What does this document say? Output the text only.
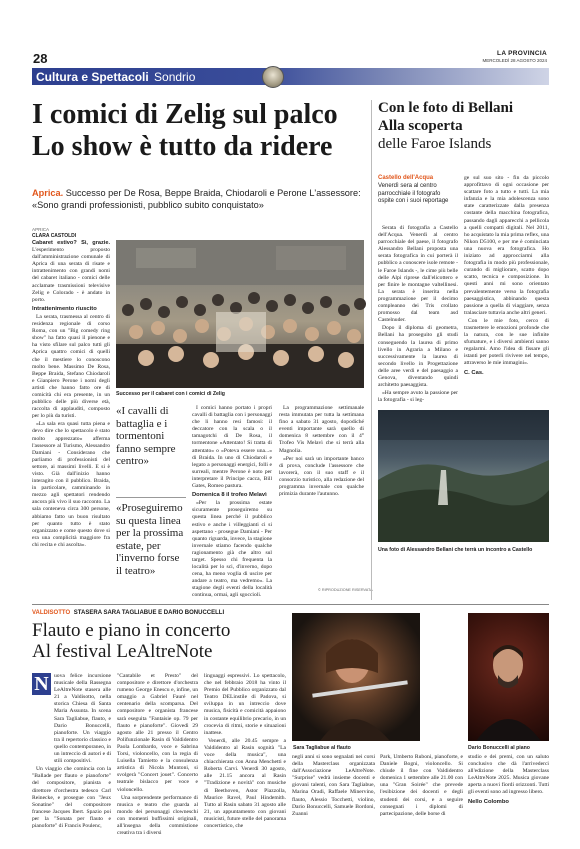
28	LA PROVINCIA
MERCOLEDÌ 28 AGOSTO 2024
Cultura e Spettacoli Sondrio
I comici di Zelig sul palco
Lo show è tutto da ridere
Aprica. Successo per De Rosa, Beppe Braida, Chiodaroli e Perone L'assessore: «Sono grandi professionisti, pubblico subito conquistato»
APRICA
CLARA CASTOLDI

Cabaret estivo? Sì, grazie. L'esperimento proposto dall'amministrazione comunale di Aprica di una serata di risate e intrattenimento con grandi nomi del cabaret italiano - comici delle acclamate trasmissioni televisive Zelig e Colorado - è andato in porto.

Intrattenimento riuscito

La serata, trasmessa al centro di residenza regionale di corso Roma, con un "Big comedy ring show" ha fatto quasi il pienone e ha visto sfilare sul palco tutti gli Aprica quattro comici di quelli che il mestiere lo conoscono molto bene. Massimo De Rosa, Beppe Braida, Stefano Chiodaroli e Gianpiero Perone i nomi degli artisti che hanno fatto ore di comicità chi era presente, in un pubblico delle più diverse età, raccolta di applauditi, composto per lo più da turisti.

«La sala era quasi tutta piena e devo dire che lo spettacolo è stato molto apprezzato» afferma l'assessore al Turismo, Alessandro Damiani - Considerano che parliamo di professionisti del settore, ai massimi livelli. E si è visto. Già dall'inizio hanno interagito con il pubblico. Braida, in particolare, camminando in mezzo agli spettatori rendendo ancora più vivo il suo racconto. La sala conteneva circa 300 persone, abbiamo fatto un buon risultato per quanto tutto è stato organizzato e come questo dove si era una complicità maggiore fra chi recita e chi ascolta».

Successo per il cabaret con i comici di Zelig
«I cavalli di battaglia e i tormentoni fanno sempre centro»
«Proseguiremo su questa linea per la prossima estate, per l'inverno forse il teatro»

I comici hanno portato i propri cavalli di battaglia con i personaggi che li hanno resi famosi: il deccatore con la scala o il tamagotchi di De Rosa, il tormentone «Attentato! Si tratta di attentato» o «Poteva essere una...» di Braida. In uno di Chiodaroli e legato a personaggi energici, folli e surreali, mentre Perone è noto per interpretare il Principe cacca, Bill Gates, Romeo pastura.

Domenica 8 il trofeo Melavì

«Per la prossima estate sicuramente proseguiremo su questa linea perché il pubblico estivo e anche i villeggianti ci si aspettano - prosegue Damiani - Per quanto riguarda, invece, la stagione invernale stiamo facendo qualche ragionamento già che altro sul target. Spesso chi frequenta la località per lo sci, d'inverno, dopo cena, ha meno voglia di uscire per andare a teatro, ma vedremo». La stagione degli eventi della località continua, ormai, agli sgoccioli.

La programmazione settimanale resta immutata per tutta la settimana fino a sabato 31 agosto, dopodiché eventi importante sarà quello di domenica 8 settembre con il 4° Trofeo Vis Melavì che si terrà alla Magnolia.

«Per noi sarà un importante banco di prova, conclude l'assessore che lavorerà, con il suo staff e il consorzio turistico, alla redazione del programma invernale con qualche primizia durante l'autunno.

© RIPRODUZIONE RISERVATA
Con le foto di Bellani
Alla scoperta
delle Faroe Islands
Castello dell'Acqua
Venerdì sera al centro parrocchiale il fotografo ospite con i suoi reportage

Serata di fotografia a Castello dell'Acqua. Venerdì al centro parrocchiale del paese, il fotografo Alessandro Bellani proposta una serata fotografica in cui porterà il pubblico a conoscere isole remote - le Faroe Islands -, le cime più belle delle Alpi riprese dall'elicottero e per finire le montagne valtellinesi. La serata è inserita nella programmazione per il decimo compleanno dei Tris crollato promosso dal team asd Castelnuder.

Dopo il diploma di geometra, Bellani ha proseguito gli studi conseguendo la laurea di primo livello in Agraria a Milano e successivamente la laurea di secondo livello in Progettazione delle aree verdi e del paesaggio a Genova, diventando quindi architetto paesaggista.

«Ha sempre avuto la passione per la fotografia - si leg-

ge sul suo sito - fin da piccolo approfittavo di ogni occasione per scattare foto a tutto e tutti. La mia infanzia e la mia adolescenza sono state caratterizzate dalla presenza costante della macchina fotografica, passando dagli apparecchi a pellicola a quelli compatti digitali. Nel 2011, ho acquistato la mia prima reflex, una Nikon D5100, e per me è cominciata una nuova era fotografica. Ho iniziato ad approcciarmi alla fotografia in modo più professionale, curando di migliorare, scatto dopo scatto, tecnica e composizione. In questi anni mi sono orientato prevalentemente verso la fotografia paesaggistica, abbinando questa passione a quella di viaggiare, senza tralasciare tuttavia anche altri generi.

Con le mie foto, cerco di trasmettere le emozioni profonde che la natura, con le sue infinite sfumature, e i diversi ambienti sanno regalarmi. Amo l'idea di fissare gli istanti per poterli rivivere nel tempo, attraverso le mie immagini».

C. Cas.

Una foto di Alessandro Bellani che terrà un incontro a Castello
VALDISOTTO STASERA SARA TAGLIABUE E DARIO BONUCCELLI
Flauto e piano in concerto
Al festival LeAltreNote
N uova felice incursione musicale della Rassegna LeAltreNote stasera alle 21 a Valdisotto, nella storica Chiesa di Santa Maria Assunta. In scena Sara Tagliabue, flauto, e Dario Bonuccelli, pianoforte. Un viaggio tra il repertorio classico e quello contemporaneo, in un intreccio di autori e di stili compositivi.

Un viaggio che comincia con la "Ballade per flauto e pianoforte" del compositore, pianista e direttore d'orchestra tedesco Carl Reinecke, e prosegue con "Jeux Sonatine" del compositore francese Jacques Ibert. Spazio poi per la "Sonata per flauto e pianoforte" di Francis Poulenc,

"Cantabile et Presto" del compositore e direttore d'orchestra rumeno George Enescu e, infine, un omaggio a Gabriel Fauré nel centenario della scomparsa. Del compositore e organista francese sarà eseguita "Fantaisie op. 79 per flauto e pianoforte". Giovedì 29 agosto alle 21 presso il Centro Polifunzionale Rasin di Valdidentro Paola Lombardo, voce e Sabrina Torsi, violoncello, con la regia di Luisella Tamietto e la consulenza artistica di Nicola Muntoni, si svolgerà "Concert jouet". Concerto teatrale bislacco per voce e violoncello.

Una sorprendente performance di musica e teatro che guarda al mondo dei personaggi clowneschi con momenti buffissimi originali, all'insegna della commistione creativa tra i diversi

linguaggi espressivi. Lo spettacolo, che nel febbraio 2018 ha vinto il Premio del Pubblico organizzato dal Teatro DELinstile di Padova, si sviluppa in un intreccio dove musica, fisicità e comicità appaiono in costante equilibrio precario, in un crocevia di ritmi, storie e situazioni inattese.

Venerdì, alle 20.45 sempre a Valdidentro al Rasin sognità "La voce della musica", una chiacchierata con Anna Menchetti e Roberta Carvi. Venerdì 30 agosto, alle 21.15 ancora al Rasin "Tradizione e novità" con musiche di Beethoven, Astor Piazzolla, Maurice Ravel, Paul Hindemith. Tutto al Rasin sabato 31 agosto alle 21, un appuntamento con giovani musicisti, future stelle del panorama concertistico, che

Sara Tagliabue al flauto	Dario Bonuccelli al piano

negli anni si sono segnalati nei corsi della Masterclass organizzata dall'Associazione LeAltreNote. "Surprise" vedrà insieme docenti e giovani talenti, con Sara Tagliabue, Marina Oradi, Raffaele Minervino, flauto, Alessio Tocchetti, violino, Dario Bonuccelli, Samuele Bordoni, Zuanni

Park, Umberto Ruboni, pianoforte, e Daniele Bogni, violoncello. Si chiude il fine con Valdidentro domenica 1 settembre alle 21.00 con una "Gran Soirée" che prevede l'esibizione dei docenti e degli studenti dei corsi, e a seguire consegnati i diplomi di partecipazione, delle borse di

studio e dei premi, con un saluto conclusivo che dà l'arrivederci all'edizione della Masterclass LeAltreNote 2025. Musica giovane aperta a nuovi fiordi orizzonti. Tutti gli eventi sono ad ingresso libero.

Nello Colombo
